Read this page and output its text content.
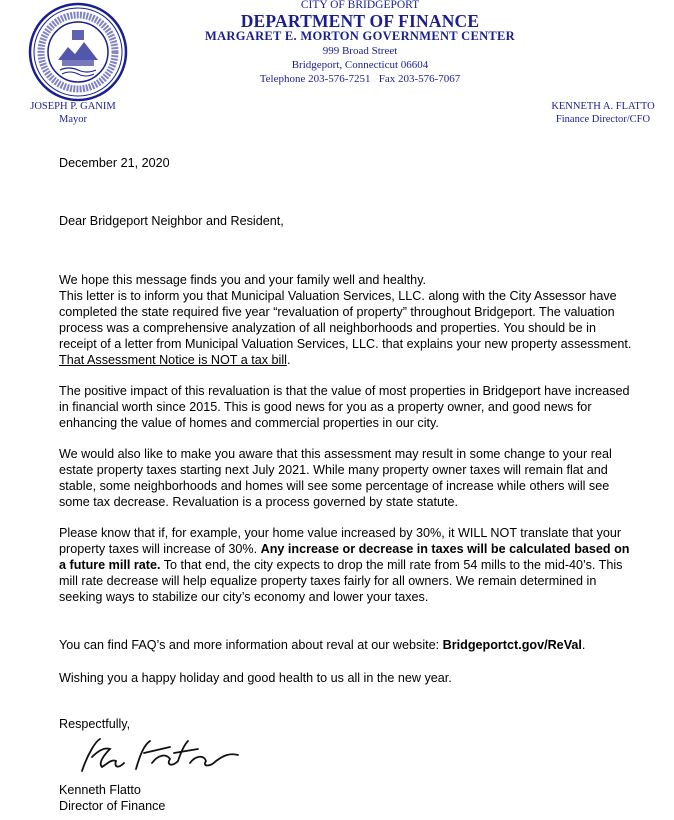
CITY OF BRIDGEPORT
DEPARTMENT OF FINANCE
MARGARET E. MORTON GOVERNMENT CENTER
999 Broad Street
Bridgeport, Connecticut 06604
Telephone 203-576-7251   Fax 203-576-7067
JOSEPH P. GANIM
Mayor
KENNETH A. FLATTO
Finance Director/CFO
December 21, 2020
Dear Bridgeport Neighbor and Resident,

We hope this message finds you and your family well and healthy.

This letter is to inform you that Municipal Valuation Services, LLC. along with the City Assessor have completed the state required five year “revaluation of property” throughout Bridgeport. The valuation process was a comprehensive analyzation of all neighborhoods and properties. You should be in receipt of a letter from Municipal Valuation Services, LLC. that explains your new property assessment. That Assessment Notice is NOT a tax bill.

The positive impact of this revaluation is that the value of most properties in Bridgeport have increased in financial worth since 2015. This is good news for you as a property owner, and good news for enhancing the value of homes and commercial properties in our city.
We would also like to make you aware that this assessment may result in some change to your real estate property taxes starting next July 2021. While many property owner taxes will remain flat and stable, some neighborhoods and homes will see some percentage of increase while others will see some tax decrease. Revaluation is a process governed by state statute.
Please know that if, for example, your home value increased by 30%, it WILL NOT translate that your property taxes will increase of 30%. Any increase or decrease in taxes will be calculated based on a future mill rate. To that end, the city expects to drop the mill rate from 54 mills to the mid-40’s. This mill rate decrease will help equalize property taxes fairly for all owners. We remain determined in seeking ways to stabilize our city’s economy and lower your taxes.
You can find FAQ’s and more information about reval at our website: Bridgeportct.gov/ReVal.
Wishing you a happy holiday and good health to us all in the new year.
Respectfully,
Kenneth Flatto
Director of Finance
